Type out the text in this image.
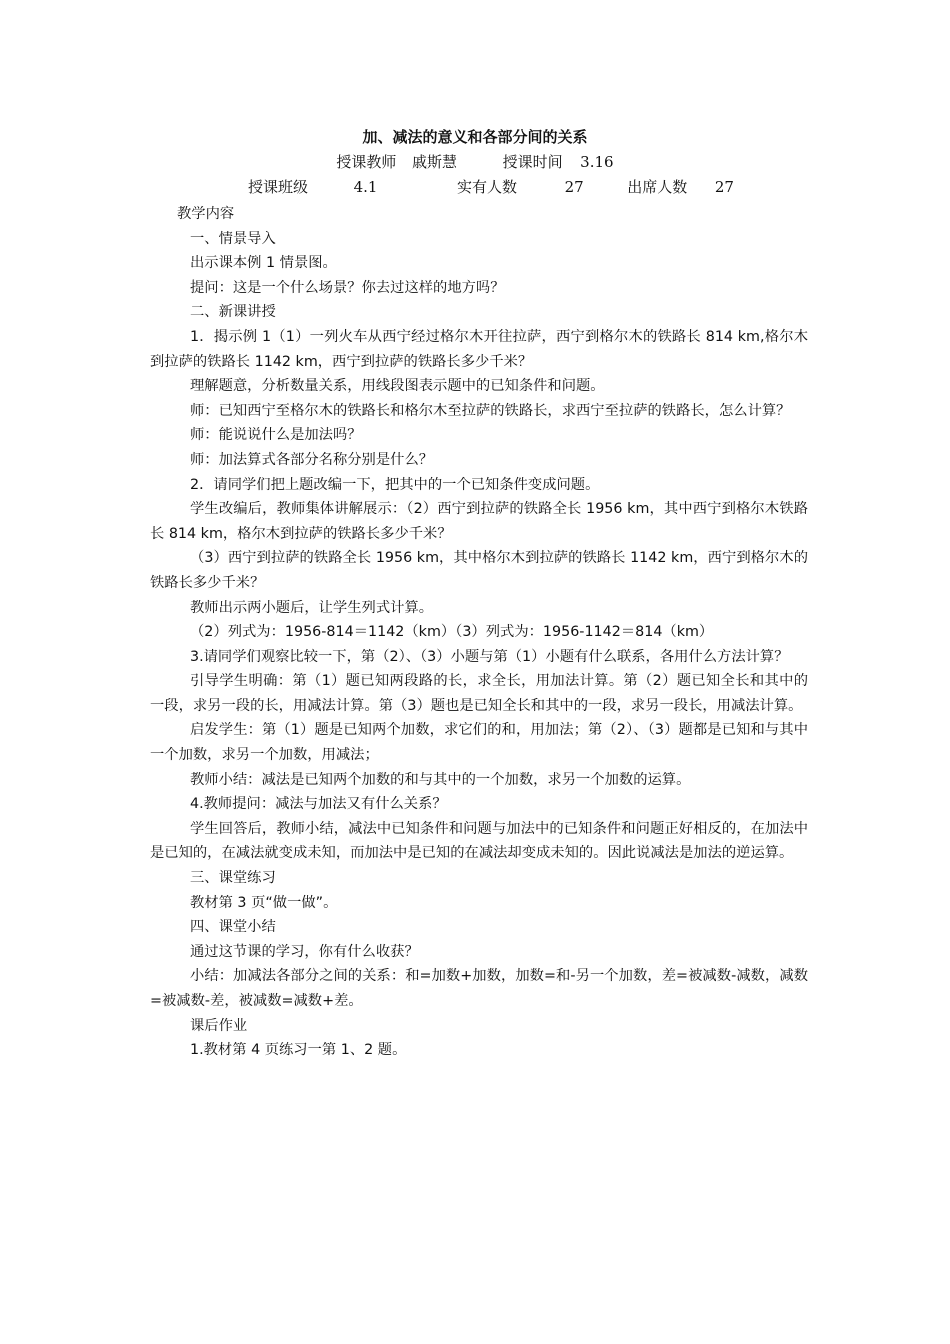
加、减法的意义和各部分间的关系
授课教师 戚斯慧	授课时间 3.16
授课班级	4.1	实有人数	27	出席人数 27

教学内容

一、情景导入

出示课本例 1 情景图。

提问：这是一个什么场景？你去过这样的地方吗？

二、新课讲授

1．揭示例 1（1）一列火车从西宁经过格尔木开往拉萨，西宁到格尔木的铁路长 814 km,格尔木到拉萨的铁路长 1142 km，西宁到拉萨的铁路长多少千米？

理解题意，分析数量关系，用线段图表示题中的已知条件和问题。

师：已知西宁至格尔木的铁路长和格尔木至拉萨的铁路长，求西宁至拉萨的铁路长，怎么计算？

师：能说说什么是加法吗？

师：加法算式各部分名称分别是什么？

2．请同学们把上题改编一下，把其中的一个已知条件变成问题。

学生改编后，教师集体讲解展示：（2）西宁到拉萨的铁路全长 1956 km，其中西宁到格尔木铁路长 814 km，格尔木到拉萨的铁路长多少千米？

（3）西宁到拉萨的铁路全长 1956 km，其中格尔木到拉萨的铁路长 1142 km，西宁到格尔木的铁路长多少千米？

教师出示两小题后，让学生列式计算。

（2）列式为：1956-814＝1142（km）（3）列式为：1956-1142＝814（km）

3.请同学们观察比较一下，第（2）、（3）小题与第（1）小题有什么联系，各用什么方法计算？

引导学生明确：第（1）题已知两段路的长，求全长，用加法计算。第（2）题已知全长和其中的一段，求另一段的长，用减法计算。第（3）题也是已知全长和其中的一段，求另一段长，用减法计算。

启发学生：第（1）题是已知两个加数，求它们的和，用加法；第（2）、（3）题都是已知和与其中一个加数，求另一个加数，用减法；

教师小结：减法是已知两个加数的和与其中的一个加数，求另一个加数的运算。

4.教师提问：减法与加法又有什么关系？

学生回答后，教师小结，减法中已知条件和问题与加法中的已知条件和问题正好相反的，在加法中是已知的，在减法就变成未知，而加法中是已知的在减法却变成未知的。因此说减法是加法的逆运算。

三、课堂练习

教材第 3 页“做一做”。

四、课堂小结

通过这节课的学习，你有什么收获？

小结：加减法各部分之间的关系：和=加数+加数，加数=和-另一个加数，差=被减数-减数，减数=被减数-差，被减数=减数+差。

课后作业

1.教材第 4 页练习一第 1、2 题。
